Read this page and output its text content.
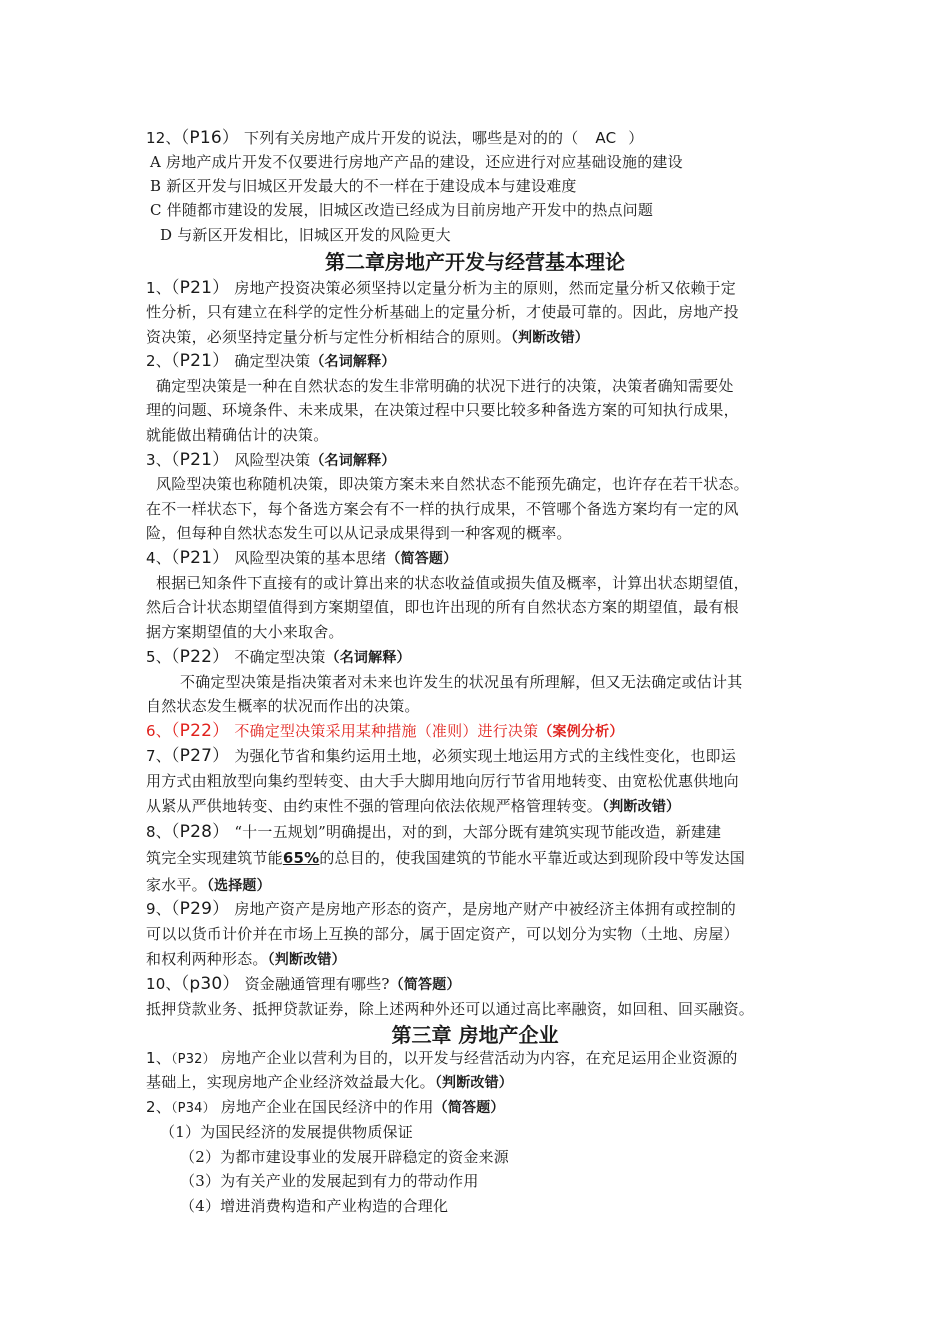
12、（P16） 下列有关房地产成片开发的说法，哪些是对的的（ AC ）
A 房地产成片开发不仅要进行房地产产品的建设，还应进行对应基础设施的建设
B 新区开发与旧城区开发最大的不一样在于建设成本与建设难度
C 伴随都市建设的发展，旧城区改造已经成为目前房地产开发中的热点问题
D 与新区开发相比，旧城区开发的风险更大
第二章房地产开发与经营基本理论
1、（P21） 房地产投资决策必须坚持以定量分析为主的原则，然而定量分析又依赖于定
性分析，只有建立在科学的定性分析基础上的定量分析，才使最可靠的。因此，房地产投
资决策，必须坚持定量分析与定性分析相结合的原则。（判断改错）
2、（P21） 确定型决策（名词解释）
确定型决策是一种在自然状态的发生非常明确的状况下进行的决策，决策者确知需要处
理的问题、环境条件、未来成果，在决策过程中只要比较多种备选方案的可知执行成果，
就能做出精确估计的决策。
3、（P21） 风险型决策（名词解释）
风险型决策也称随机决策，即决策方案未来自然状态不能预先确定，也许存在若干状态。
在不一样状态下，每个备选方案会有不一样的执行成果，不管哪个备选方案均有一定的风
险，但每种自然状态发生可以从记录成果得到一种客观的概率。
4、（P21） 风险型决策的基本思绪（简答题）
根据已知条件下直接有的或计算出来的状态收益值或损失值及概率，计算出状态期望值，
然后合计状态期望值得到方案期望值，即也许出现的所有自然状态方案的期望值，最有根
据方案期望值的大小来取舍。
5、（P22） 不确定型决策（名词解释）
不确定型决策是指决策者对未来也许发生的状况虽有所理解，但又无法确定或估计其
自然状态发生概率的状况而作出的决策。
6、（P22） 不确定型决策采用某种措施（准则）进行决策（案例分析）
7、（P27） 为强化节省和集约运用土地，必须实现土地运用方式的主线性变化，也即运
用方式由粗放型向集约型转变、由大手大脚用地向厉行节省用地转变、由宽松优惠供地向
从紧从严供地转变、由约束性不强的管理向依法依规严格管理转变。（判断改错）
8、（P28） “十一五规划”明确提出，对的到，大部分既有建筑实现节能改造，新建建
筑完全实现建筑节能65%的总目的，使我国建筑的节能水平靠近或达到现阶段中等发达国
家水平。（选择题）
9、（P29） 房地产资产是房地产形态的资产，是房地产财产中被经济主体拥有或控制的
可以以货币计价并在市场上互换的部分，属于固定资产，可以划分为实物（土地、房屋）
和权利两种形态。（判断改错）
10、（p30） 资金融通管理有哪些?（简答题）
抵押贷款业务、抵押贷款证券，除上述两种外还可以通过高比率融资，如回租、回买融资。
第三章 房地产企业
1、（P32） 房地产企业以营利为目的，以开发与经营活动为内容，在充足运用企业资源的
基础上，实现房地产企业经济效益最大化。（判断改错）
2、（P34） 房地产企业在国民经济中的作用（简答题）
（1）为国民经济的发展提供物质保证
（2）为都市建设事业的发展开辟稳定的资金来源
（3）为有关产业的发展起到有力的带动作用
（4）增进消费构造和产业构造的合理化
